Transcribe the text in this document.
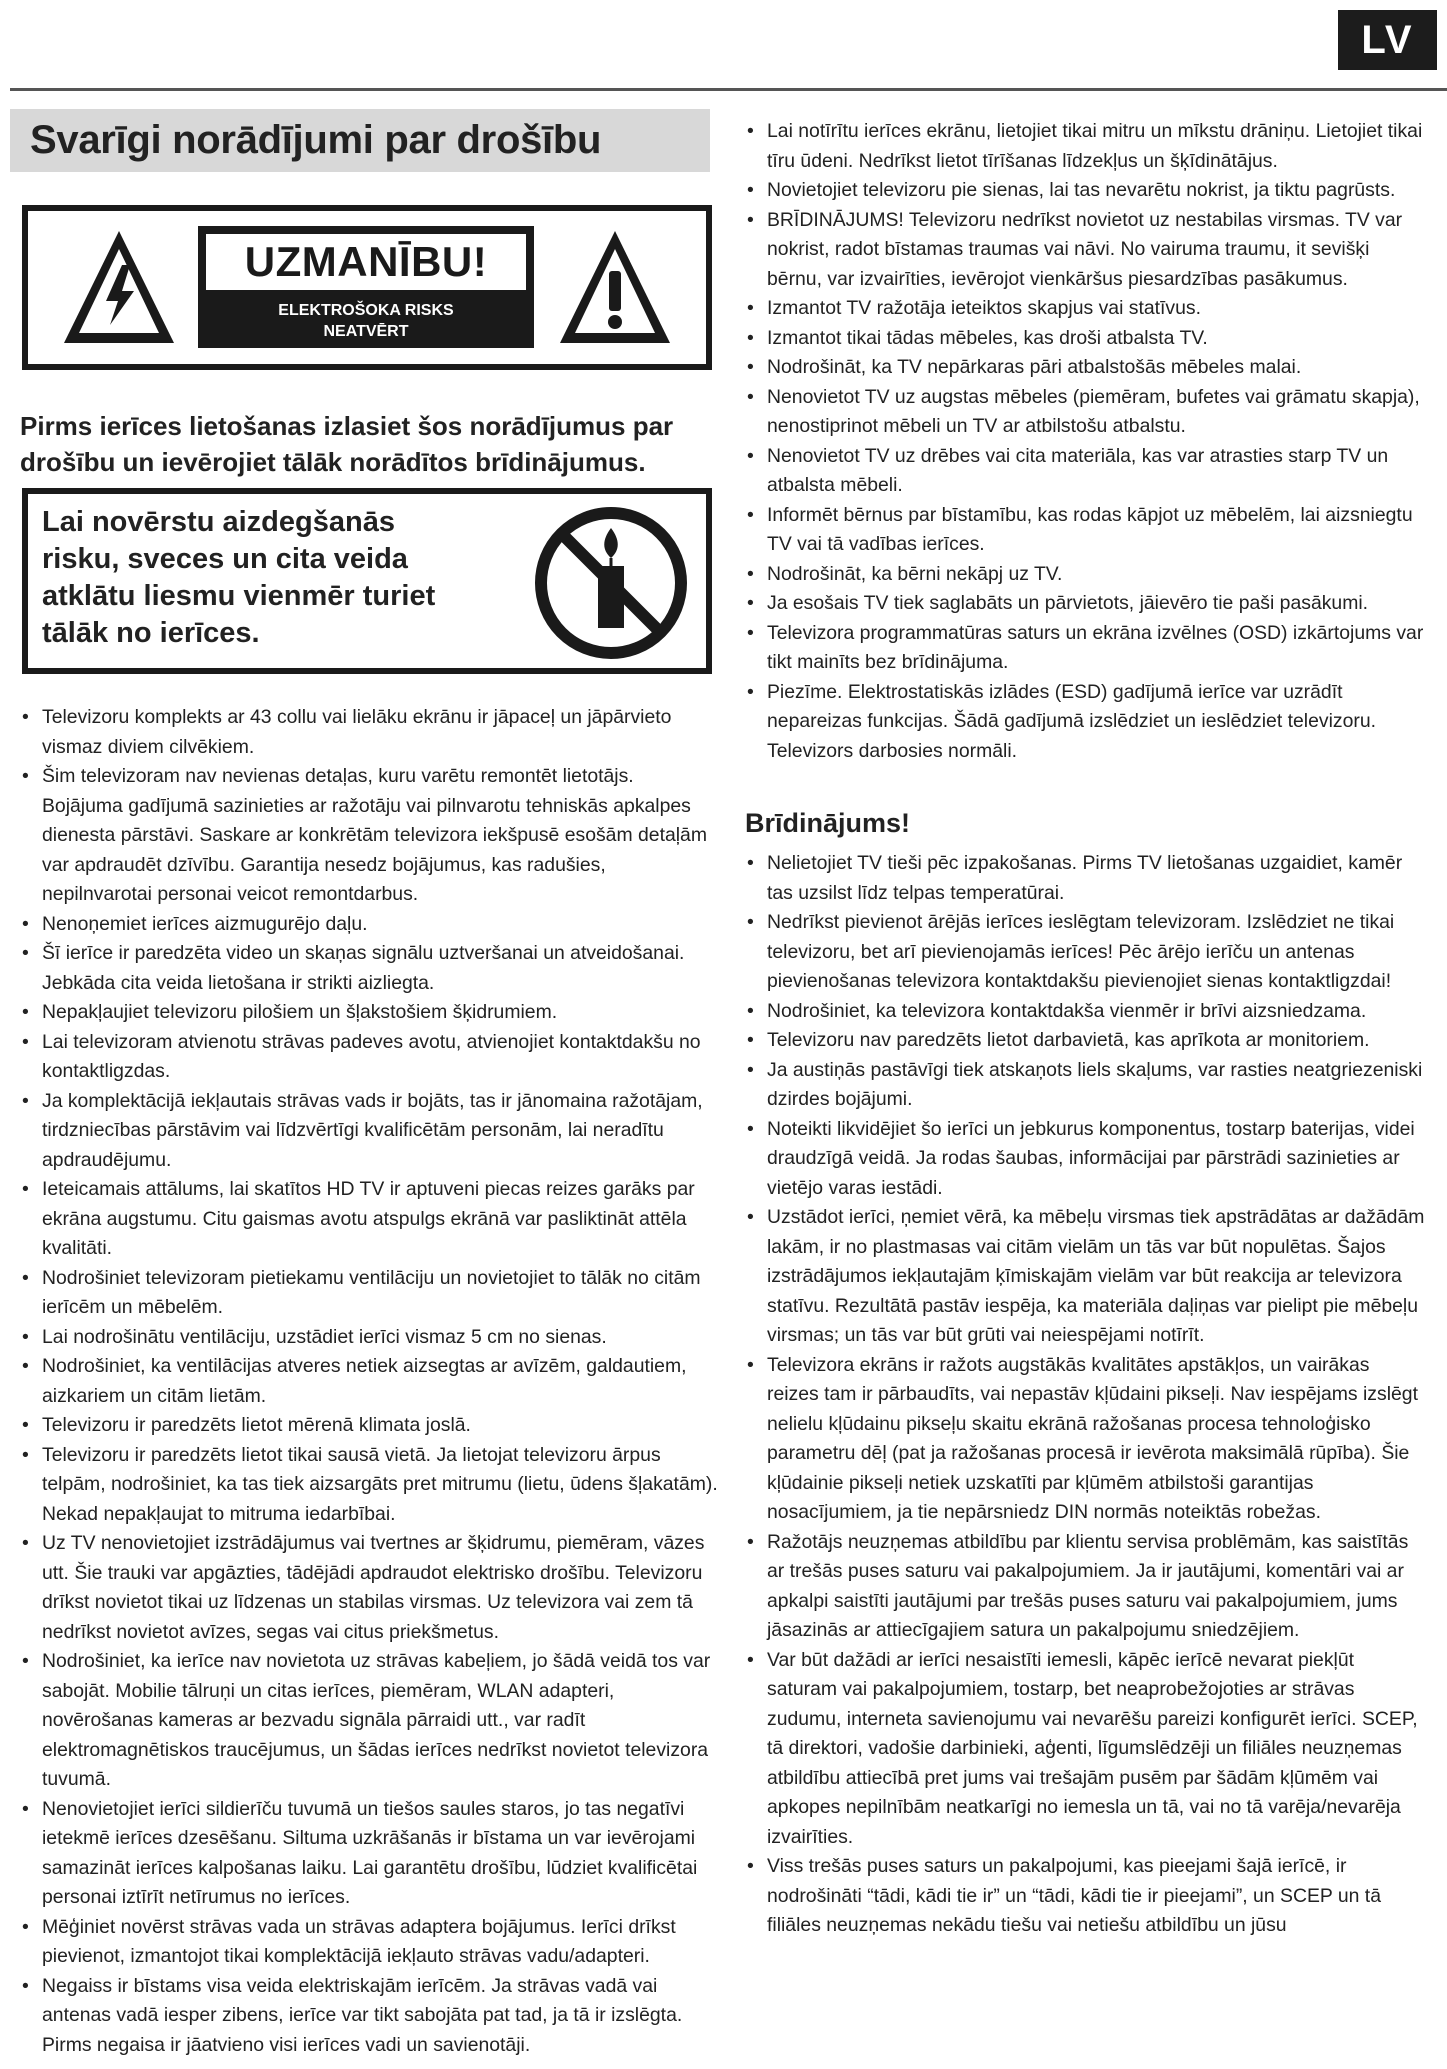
LV
Svarīgi norādījumi par drošību
UZMANĪBU!
ELEKTROŠOKA RISKS
NEATVĒRT

Pirms ierīces lietošanas izlasiet šos norādījumus par drošību un ievērojiet tālāk norādītos brīdinājumus.

Lai novērstu aizdegšanās risku, sveces un cita veida atklātu liesmu vienmēr turiet tālāk no ierīces.

• Televizoru komplekts ar 43 collu vai lielāku ekrānu ir jāpaceļ un jāpārvieto vismaz diviem cilvēkiem.
• Šim televizoram nav nevienas detaļas, kuru varētu remontēt lietotājs. Bojājuma gadījumā sazinieties ar ražotāju vai pilnvarotu tehniskās apkalpes dienesta pārstāvi. Saskare ar konkrētām televizora iekšpusē esošām detaļām var apdraudēt dzīvību. Garantija nesedz bojājumus, kas radušies, nepilnvarotai personai veicot remontdarbus.
• Nenoņemiet ierīces aizmugurējo daļu.
• Šī ierīce ir paredzēta video un skaņas signālu uztveršanai un atveidošanai. Jebkāda cita veida lietošana ir strikti aizliegta.
• Nepakļaujiet televizoru pilošiem un šļakstošiem šķidrumiem.
• Lai televizoram atvienotu strāvas padeves avotu, atvienojiet kontaktdakšu no kontaktligzdas.
• Ja komplektācijā iekļautais strāvas vads ir bojāts, tas ir jānomaina ražotājam, tirdzniecības pārstāvim vai līdzvērtīgi kvalificētām personām, lai neradītu apdraudējumu.
• Ieteicamais attālums, lai skatītos HD TV ir aptuveni piecas reizes garāks par ekrāna augstumu. Citu gaismas avotu atspulgs ekrānā var pasliktināt attēla kvalitāti.
• Nodrošiniet televizoram pietiekamu ventilāciju un novietojiet to tālāk no citām ierīcēm un mēbelēm.
• Lai nodrošinātu ventilāciju, uzstādiet ierīci vismaz 5 cm no sienas.
• Nodrošiniet, ka ventilācijas atveres netiek aizsegtas ar avīzēm, galdautiem, aizkariem un citām lietām.
• Televizoru ir paredzēts lietot mērenā klimata joslā.
• Televizoru ir paredzēts lietot tikai sausā vietā. Ja lietojat televizoru ārpus telpām, nodrošiniet, ka tas tiek aizsargāts pret mitrumu (lietu, ūdens šļakatām). Nekad nepakļaujat to mitruma iedarbībai.
• Uz TV nenovietojiet izstrādājumus vai tvertnes ar šķidrumu, piemēram, vāzes utt. Šie trauki var apgāzties, tādējādi apdraudot elektrisko drošību. Televizoru drīkst novietot tikai uz līdzenas un stabilas virsmas. Uz televizora vai zem tā nedrīkst novietot avīzes, segas vai citus priekšmetus.
• Nodrošiniet, ka ierīce nav novietota uz strāvas kabeļiem, jo šādā veidā tos var sabojāt. Mobilie tālruņi un citas ierīces, piemēram, WLAN adapteri, novērošanas kameras ar bezvadu signāla pārraidi utt., var radīt elektromagnētiskos traucējumus, un šādas ierīces nedrīkst novietot televizora tuvumā.
• Nenovietojiet ierīci sildierīču tuvumā un tiešos saules staros, jo tas negatīvi ietekmē ierīces dzesēšanu. Siltuma uzkrāšanās ir bīstama un var ievērojami samazināt ierīces kalpošanas laiku. Lai garantētu drošību, lūdziet kvalificētai personai iztīrīt netīrumus no ierīces.
• Mēģiniet novērst strāvas vada un strāvas adaptera bojājumus. Ierīci drīkst pievienot, izmantojot tikai komplektācijā iekļauto strāvas vadu/adapteri.
• Negaiss ir bīstams visa veida elektriskajām ierīcēm. Ja strāvas vadā vai antenas vadā iesper zibens, ierīce var tikt sabojāta pat tad, ja tā ir izslēgta. Pirms negaisa ir jāatvieno visi ierīces vadi un savienotāji.
• Lai notīrītu ierīces ekrānu, lietojiet tikai mitru un mīkstu drāniņu. Lietojiet tikai tīru ūdeni. Nedrīkst lietot tīrīšanas līdzekļus un šķīdinātājus.
• Novietojiet televizoru pie sienas, lai tas nevarētu nokrist, ja tiktu pagrūsts.
• BRĪDINĀJUMS! Televizoru nedrīkst novietot uz nestabilas virsmas. TV var nokrist, radot bīstamas traumas vai nāvi. No vairuma traumu, it sevišķi bērnu, var izvairīties, ievērojot vienkāršus piesardzības pasākumus.
• Izmantot TV ražotāja ieteiktos skapjus vai statīvus.
• Izmantot tikai tādas mēbeles, kas droši atbalsta TV.
• Nodrošināt, ka TV nepārkaras pāri atbalstošās mēbeles malai.
• Nenovietot TV uz augstas mēbeles (piemēram, bufetes vai grāmatu skapja), nenostiprinot mēbeli un TV ar atbilstošu atbalstu.
• Nenovietot TV uz drēbes vai cita materiāla, kas var atrasties starp TV un atbalsta mēbeli.
• Informēt bērnus par bīstamību, kas rodas kāpjot uz mēbelēm, lai aizsniegtu TV vai tā vadības ierīces.
• Nodrošināt, ka bērni nekāpj uz TV.
• Ja esošais TV tiek saglabāts un pārvietots, jāievēro tie paši pasākumi.
• Televizora programmatūras saturs un ekrāna izvēlnes (OSD) izkārtojums var tikt mainīts bez brīdinājuma.
• Piezīme. Elektrostatiskās izlādes (ESD) gadījumā ierīce var uzrādīt nepareizas funkcijas. Šādā gadījumā izslēdziet un ieslēdziet televizoru. Televizors darbosies normāli.
Brīdinājums!
• Nelietojiet TV tieši pēc izpakošanas. Pirms TV lietošanas uzgaidiet, kamēr tas uzsilst līdz telpas temperatūrai.
• Nedrīkst pievienot ārējās ierīces ieslēgtam televizoram. Izslēdziet ne tikai televizoru, bet arī pievienojamās ierīces! Pēc ārējo ierīču un antenas pievienošanas televizora kontaktdakšu pievienojiet sienas kontaktligzdai!
• Nodrošiniet, ka televizora kontaktdakša vienmēr ir brīvi aizsniedzama.
• Televizoru nav paredzēts lietot darbavietā, kas aprīkota ar monitoriem.
• Ja austiņās pastāvīgi tiek atskaņots liels skaļums, var rasties neatgriezeniski dzirdes bojājumi.
• Noteikti likvidējiet šo ierīci un jebkurus komponentus, tostarp baterijas, videi draudzīgā veidā. Ja rodas šaubas, informācijai par pārstrādi sazinieties ar vietējo varas iestādi.
• Uzstādot ierīci, ņemiet vērā, ka mēbeļu virsmas tiek apstrādātas ar dažādām lakām, ir no plastmasas vai citām vielām un tās var būt nopulētas. Šajos izstrādājumos iekļautajām ķīmiskajām vielām var būt reakcija ar televizora statīvu. Rezultātā pastāv iespēja, ka materiāla daļiņas var pielipt pie mēbeļu virsmas; un tās var būt grūti vai neiespējami notīrīt.
• Televizora ekrāns ir ražots augstākās kvalitātes apstākļos, un vairākas reizes tam ir pārbaudīts, vai nepastāv kļūdaini pikseļi. Nav iespējams izslēgt nelielu kļūdainu pikseļu skaitu ekrānā ražošanas procesa tehnoloģisko parametru dēļ (pat ja ražošanas procesā ir ievērota maksimālā rūpība). Šie kļūdainie pikseļi netiek uzskatīti par kļūmēm atbilstoši garantijas nosacījumiem, ja tie nepārsniedz DIN normās noteiktās robežas.
• Ražotājs neuzņemas atbildību par klientu servisa problēmām, kas saistītās ar trešās puses saturu vai pakalpojumiem. Ja ir jautājumi, komentāri vai ar apkalpi saistīti jautājumi par trešās puses saturu vai pakalpojumiem, jums jāsazinās ar attiecīgajiem satura un pakalpojumu sniedzējiem.
• Var būt dažādi ar ierīci nesaistīti iemesli, kāpēc ierīcē nevarat piekļūt saturam vai pakalpojumiem, tostarp, bet neaprobežojoties ar strāvas zudumu, interneta savienojumu vai nevarēšu pareizi konfigurēt ierīci. SCEP, tā direktori, vadošie darbinieki, aģenti, līgumslēdzēji un filiāles neuzņemas atbildību attiecībā pret jums vai trešajām pusēm par šādām kļūmēm vai apkopes nepilnībām neatkarīgi no iemesla un tā, vai no tā varēja/nevarēja izvairīties.
• Viss trešās puses saturs un pakalpojumi, kas pieejami šajā ierīcē, ir nodrošināti “tādi, kādi tie ir” un “tādi, kādi tie ir pieejami”, un SCEP un tā filiāles neuzņemas nekādu tiešu vai netiešu atbildību un jūsu
